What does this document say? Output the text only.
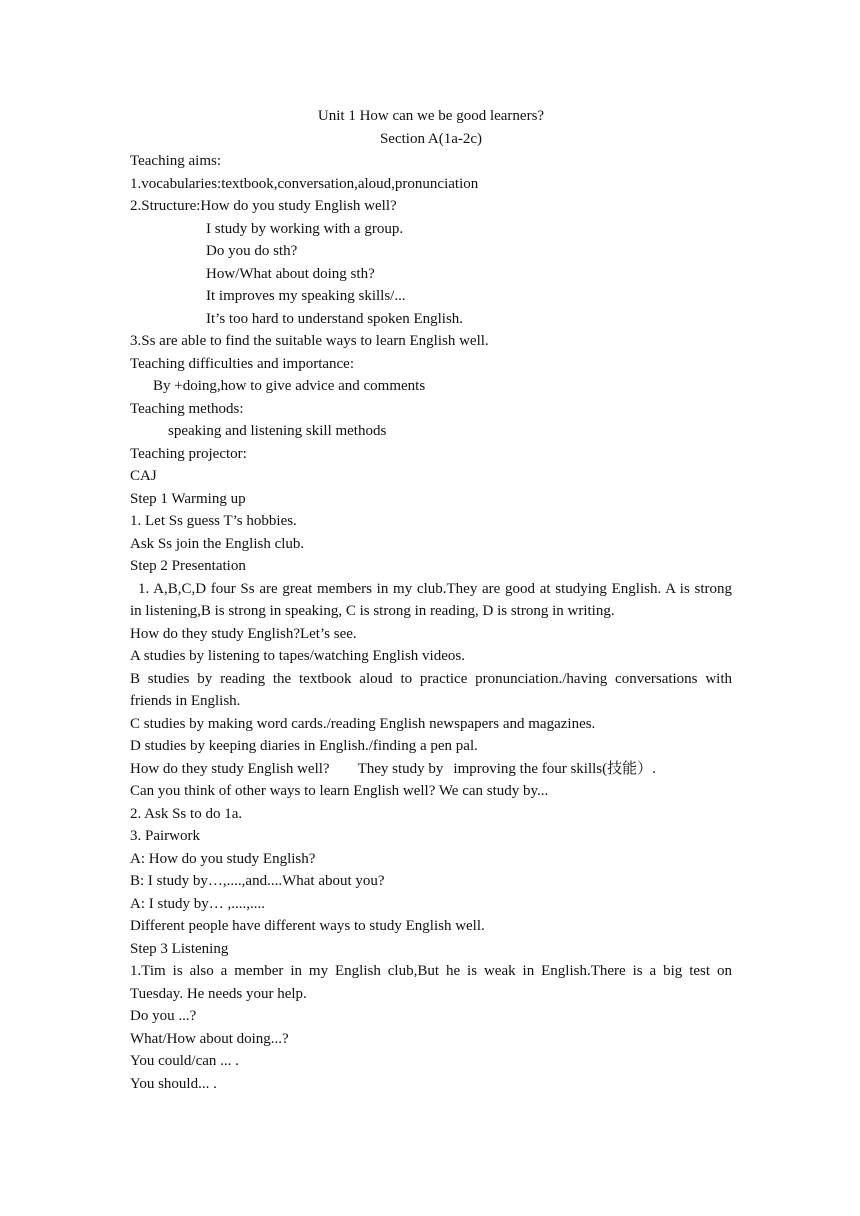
Unit 1 How can we be good learners?
Section A(1a-2c)
Teaching aims:
1.vocabularies:textbook,conversation,aloud,pronunciation
2.Structure:How do you study English well?
I study by working with a group.
Do you do sth?
How/What about doing sth?
It improves my speaking skills/...
It’s too hard to understand spoken English.
3.Ss are able to find the suitable ways to learn English well.
Teaching difficulties and importance:
By +doing,how to give advice and comments
Teaching methods:
speaking and listening skill methods
Teaching projector:
CAJ
Step 1 Warming up
1. Let Ss guess T’s hobbies.
Ask Ss join the English club.
Step 2 Presentation
1. A,B,C,D four Ss are great members in my club.They are good at studying English. A is strong
in listening,B is strong in speaking, C is strong in reading, D is strong in writing.
How do they study English?Let’s see.
A studies by listening to tapes/watching English videos.
B studies by reading the textbook aloud to practice pronunciation./having conversations with
friends in English.
C studies by making word cards./reading English newspapers and magazines.
D studies by keeping diaries in English./finding a pen pal.
How do they study English well? They study by improving the four skills(技能）.
Can you think of other ways to learn English well? We can study by...
2. Ask Ss to do 1a.
3. Pairwork
A: How do you study English?
B: I study by…,....,and....What about you?
A: I study by… ,....,....
Different people have different ways to study English well.
Step 3 Listening
1.Tim is also a member in my English club,But he is weak in English.There is a big test on
Tuesday. He needs your help.
Do you ...?
What/How about doing...?
You could/can ... .
You should... .
